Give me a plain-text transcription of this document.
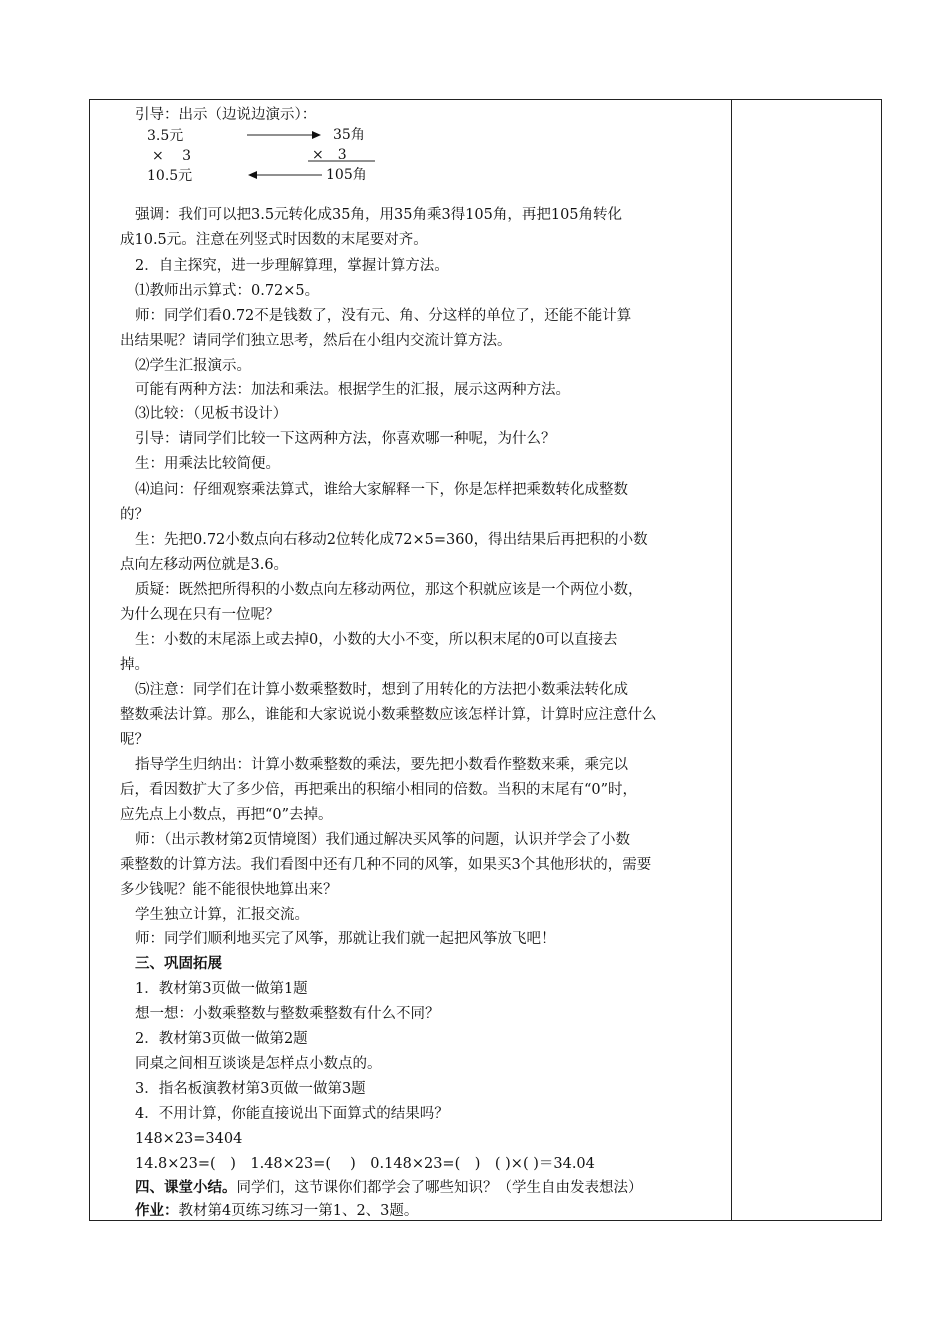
引导：出示（边说边演示）：
3.5元
×　 3
10.5元
35角
×　3
105角
强调：我们可以把3.5元转化成35角，用35角乘3得105角，再把105角转化
成10.5元。注意在列竖式时因数的末尾要对齐。
2．自主探究，进一步理解算理，掌握计算方法。
⑴教师出示算式：0.72×5。
师：同学们看0.72不是钱数了，没有元、角、分这样的单位了，还能不能计算
出结果呢？请同学们独立思考，然后在小组内交流计算方法。
⑵学生汇报演示。
可能有两种方法：加法和乘法。根据学生的汇报，展示这两种方法。
⑶比较：（见板书设计）
引导：请同学们比较一下这两种方法，你喜欢哪一种呢，为什么？
生：用乘法比较简便。
⑷追问：仔细观察乘法算式，谁给大家解释一下，你是怎样把乘数转化成整数
的？
生：先把0.72小数点向右移动2位转化成72×5=360，得出结果后再把积的小数
点向左移动两位就是3.6。
质疑：既然把所得积的小数点向左移动两位，那这个积就应该是一个两位小数，
为什么现在只有一位呢？
生：小数的末尾添上或去掉0，小数的大小不变，所以积末尾的0可以直接去
掉。
⑸注意：同学们在计算小数乘整数时，想到了用转化的方法把小数乘法转化成
整数乘法计算。那么，谁能和大家说说小数乘整数应该怎样计算，计算时应注意什么
呢？
指导学生归纳出：计算小数乘整数的乘法，要先把小数看作整数来乘，乘完以
后，看因数扩大了多少倍，再把乘出的积缩小相同的倍数。当积的末尾有“0”时，
应先点上小数点，再把“0”去掉。
师：（出示教材第2页情境图）我们通过解决买风筝的问题，认识并学会了小数
乘整数的计算方法。我们看图中还有几种不同的风筝，如果买3个其他形状的，需要
多少钱呢？能不能很快地算出来？
学生独立计算，汇报交流。
师：同学们顺利地买完了风筝，那就让我们就一起把风筝放飞吧！
三、巩固拓展
1．教材第3页做一做第1题
想一想：小数乘整数与整数乘整数有什么不同？
2．教材第3页做一做第2题
同桌之间相互谈谈是怎样点小数点的。
3．指名板演教材第3页做一做第3题
4．不用计算，你能直接说出下面算式的结果吗？
148×23=3404
14.8×23=(　)　1.48×23=(　 )　0.148×23=(　)　( )×( )＝34.04
四、课堂小结。同学们，这节课你们都学会了哪些知识？（学生自由发表想法）
作业：教材第4页练习练习一第1、2、3题。
